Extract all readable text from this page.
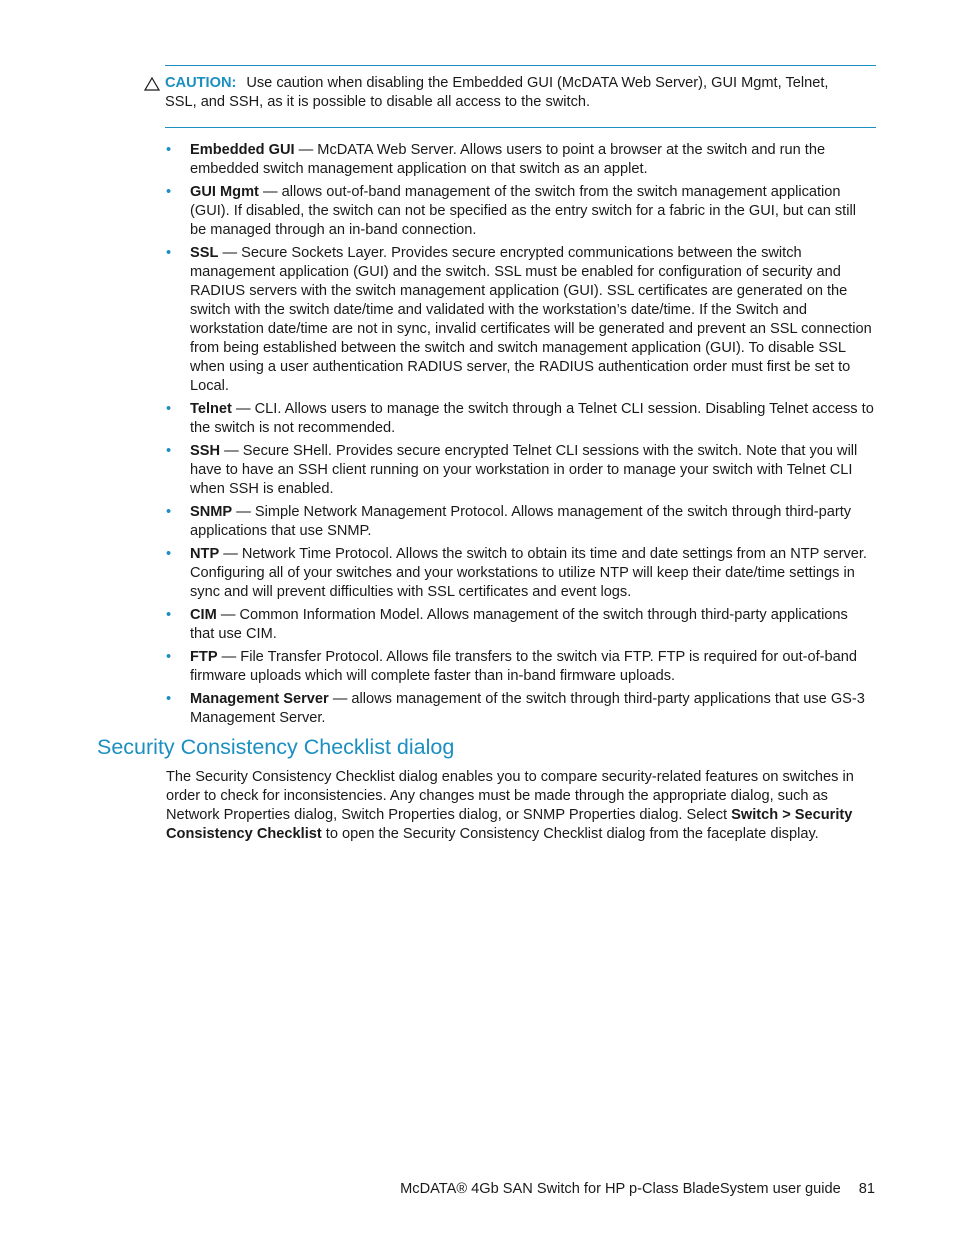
CAUTION: Use caution when disabling the Embedded GUI (McDATA Web Server), GUI Mgmt, Telnet, SSL, and SSH, as it is possible to disable all access to the switch.
• Embedded GUI — McDATA Web Server. Allows users to point a browser at the switch and run the embedded switch management application on that switch as an applet.
• GUI Mgmt — allows out-of-band management of the switch from the switch management application (GUI). If disabled, the switch can not be specified as the entry switch for a fabric in the GUI, but can still be managed through an in-band connection.
• SSL — Secure Sockets Layer. Provides secure encrypted communications between the switch management application (GUI) and the switch. SSL must be enabled for configuration of security and RADIUS servers with the switch management application (GUI). SSL certificates are generated on the switch with the switch date/time and validated with the workstation’s date/time. If the Switch and workstation date/time are not in sync, invalid certificates will be generated and prevent an SSL connection from being established between the switch and switch management application (GUI). To disable SSL when using a user authentication RADIUS server, the RADIUS authentication order must first be set to Local.
• Telnet — CLI. Allows users to manage the switch through a Telnet CLI session. Disabling Telnet access to the switch is not recommended.
• SSH — Secure SHell. Provides secure encrypted Telnet CLI sessions with the switch. Note that you will have to have an SSH client running on your workstation in order to manage your switch with Telnet CLI when SSH is enabled.
• SNMP — Simple Network Management Protocol. Allows management of the switch through third-party applications that use SNMP.
• NTP — Network Time Protocol. Allows the switch to obtain its time and date settings from an NTP server. Configuring all of your switches and your workstations to utilize NTP will keep their date/time settings in sync and will prevent difficulties with SSL certificates and event logs.
• CIM — Common Information Model. Allows management of the switch through third-party applications that use CIM.
• FTP — File Transfer Protocol. Allows file transfers to the switch via FTP. FTP is required for out-of-band firmware uploads which will complete faster than in-band firmware uploads.
• Management Server — allows management of the switch through third-party applications that use GS-3 Management Server.
Security Consistency Checklist dialog

The Security Consistency Checklist dialog enables you to compare security-related features on switches in order to check for inconsistencies. Any changes must be made through the appropriate dialog, such as Network Properties dialog, Switch Properties dialog, or SNMP Properties dialog. Select Switch > Security Consistency Checklist to open the Security Consistency Checklist dialog from the faceplate display.

McDATA® 4Gb SAN Switch for HP p-Class BladeSystem user guide 81
